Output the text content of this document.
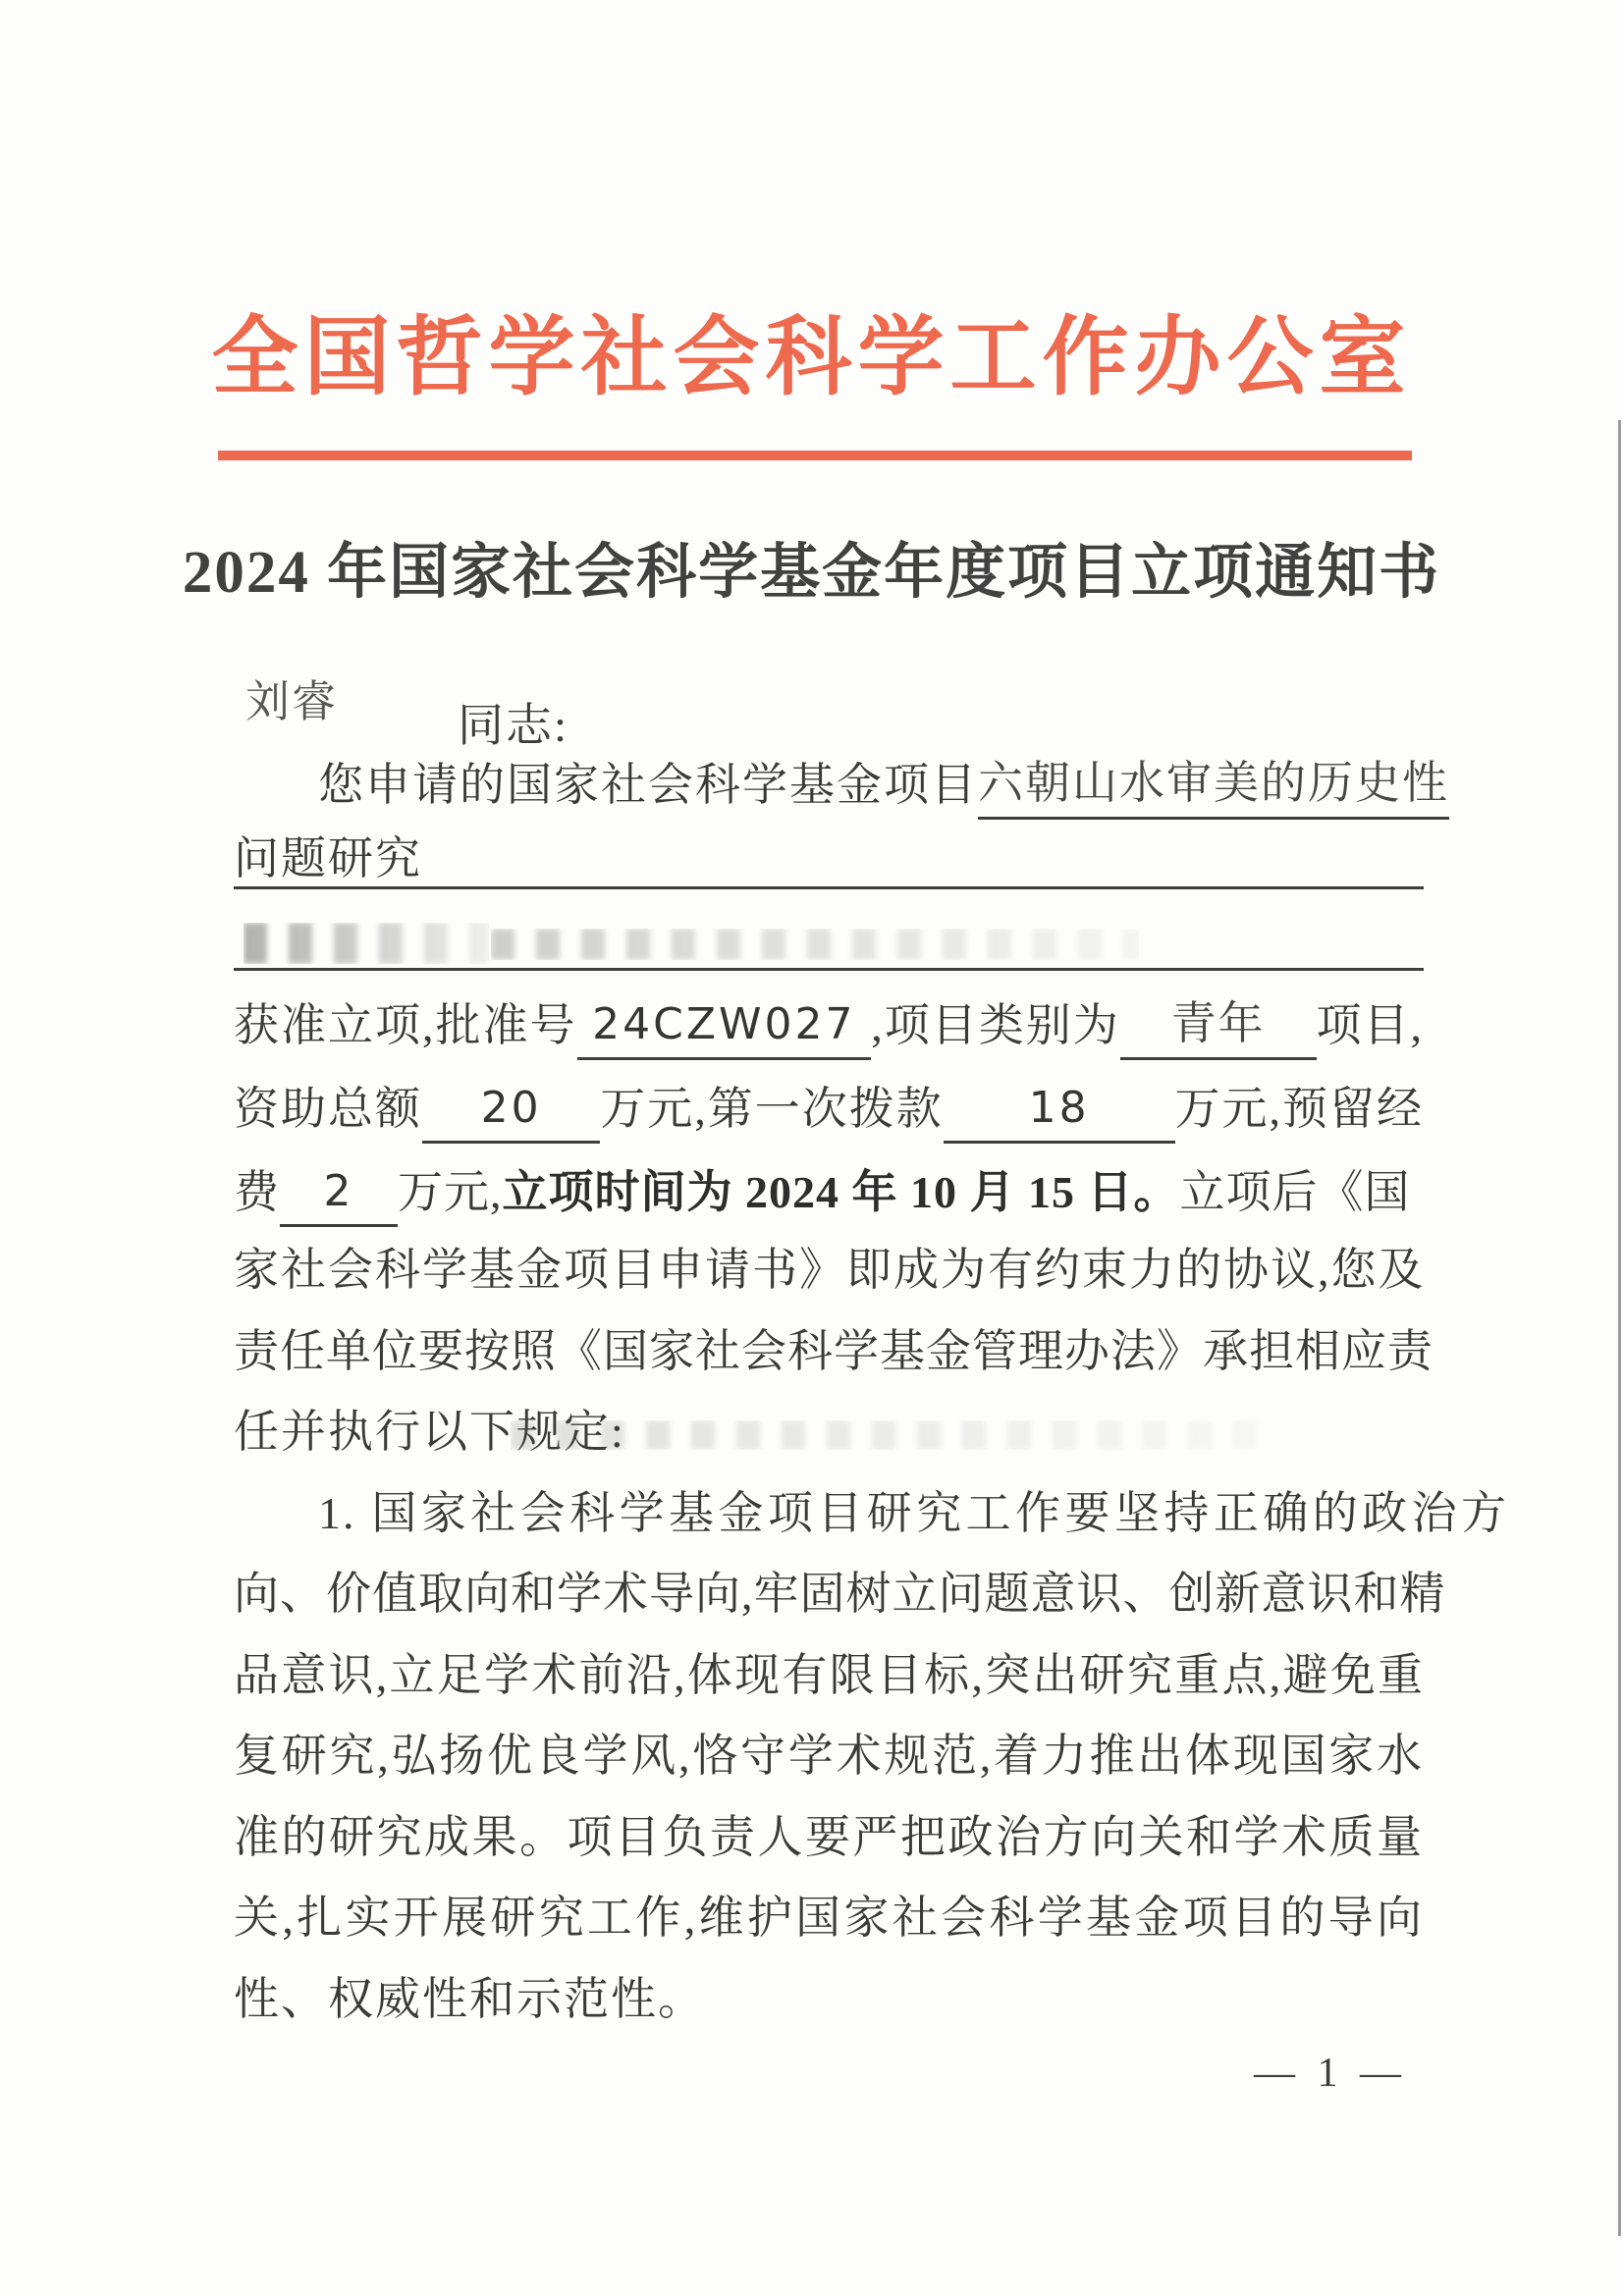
全国哲学社会科学工作办公室
2024 年国家社会科学基金年度项目立项通知书
刘睿	同志:
您申请的国家社会科学基金项目 六朝山水审美的历史性
问题研究
获准立项,批准号 24CZW027 ,项目类别为	青年	项目,
资助总额	20	万元,第一次拨款	18	万元,预留经
费	2 万元, 立项时间为 2024 年 10 月 15 日。 立项后《国
家社会科学基金项目申请书》即成为有约束力的协议,您及
责任单位要按照《国家社会科学基金管理办法》承担相应责
任并执行以下规定:
1. 国家社会科学基金项目研究工作要坚持正确的政治方
向、价值取向和学术导向,牢固树立问题意识、创新意识和精
品意识,立足学术前沿,体现有限目标,突出研究重点,避免重
复研究,弘扬优良学风,恪守学术规范,着力推出体现国家水
准的研究成果。项目负责人要严把政治方向关和学术质量
关,扎实开展研究工作,维护国家社会科学基金项目的导向
性、权威性和示范性。
— 1 —
